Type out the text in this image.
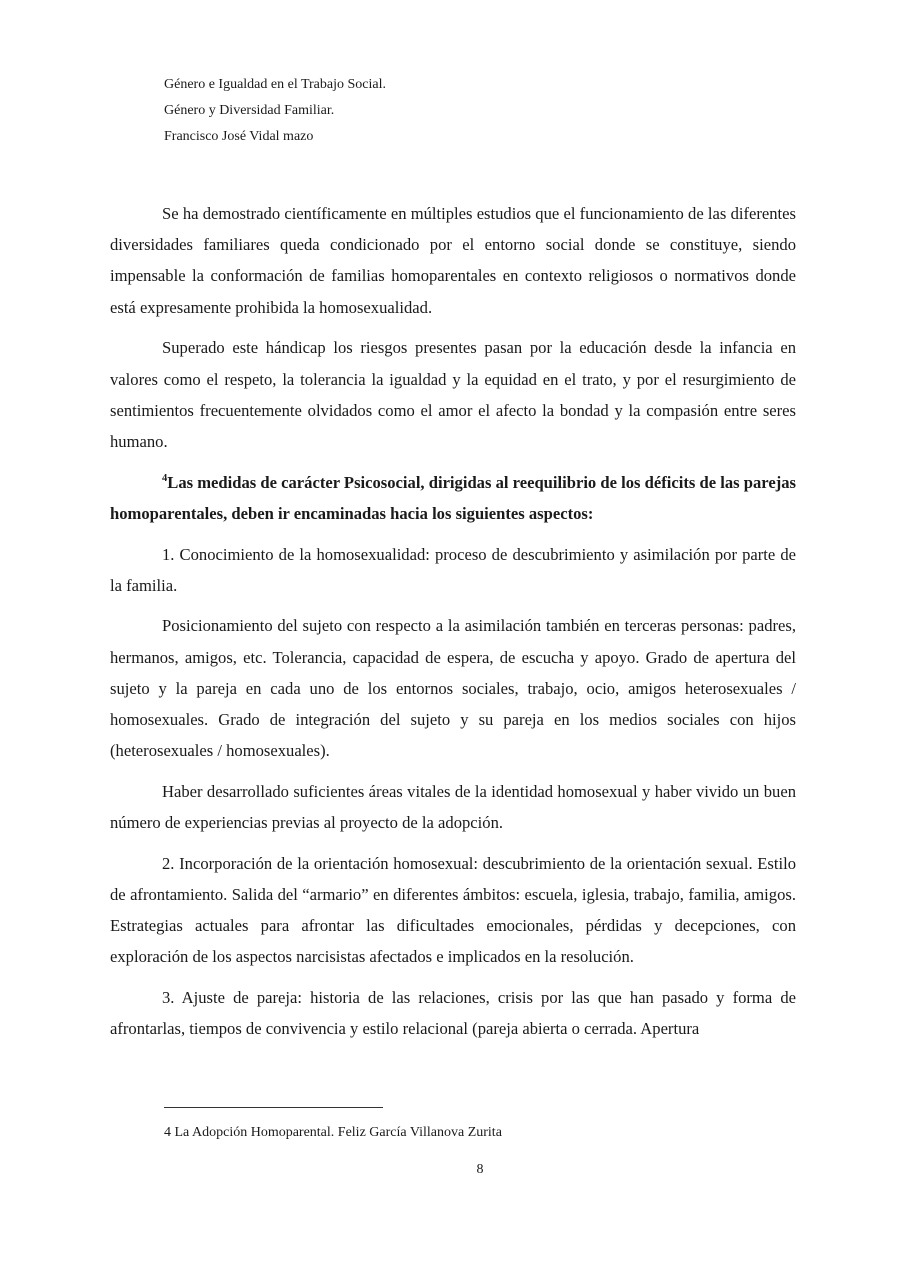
Género e Igualdad en el Trabajo Social.
Género y Diversidad Familiar.
Francisco José Vidal mazo

Se ha demostrado científicamente en múltiples estudios que el funcionamiento de las diferentes diversidades familiares queda condicionado por el entorno social donde se constituye, siendo impensable la conformación de familias homoparentales en contexto religiosos o normativos donde está expresamente prohibida la homosexualidad.

Superado este hándicap los riesgos presentes pasan por la educación desde la infancia en valores como el respeto, la tolerancia la igualdad y la equidad en el trato, y por el resurgimiento de sentimientos frecuentemente olvidados como el amor el afecto la bondad y la compasión entre seres humano.

$^4$Las medidas de carácter Psicosocial, dirigidas al reequilibrio de los déficits de las parejas homoparentales, deben ir encaminadas hacia los siguientes aspectos:

1. Conocimiento de la homosexualidad: proceso de descubrimiento y asimilación por parte de la familia.

Posicionamiento del sujeto con respecto a la asimilación también en terceras personas: padres, hermanos, amigos, etc. Tolerancia, capacidad de espera, de escucha y apoyo. Grado de apertura del sujeto y la pareja en cada uno de los entornos sociales, trabajo, ocio, amigos heterosexuales / homosexuales. Grado de integración del sujeto y su pareja en los medios sociales con hijos (heterosexuales / homosexuales).

Haber desarrollado suficientes áreas vitales de la identidad homosexual y haber vivido un buen número de experiencias previas al proyecto de la adopción.

2. Incorporación de la orientación homosexual: descubrimiento de la orientación sexual. Estilo de afrontamiento. Salida del “armario” en diferentes ámbitos: escuela, iglesia, trabajo, familia, amigos. Estrategias actuales para afrontar las dificultades emocionales, pérdidas y decepciones, con exploración de los aspectos narcisistas afectados e implicados en la resolución.

3. Ajuste de pareja: historia de las relaciones, crisis por las que han pasado y forma de afrontarlas, tiempos de convivencia y estilo relacional (pareja abierta o cerrada. Apertura

4 La Adopción Homoparental. Feliz García Villanova Zurita
8
